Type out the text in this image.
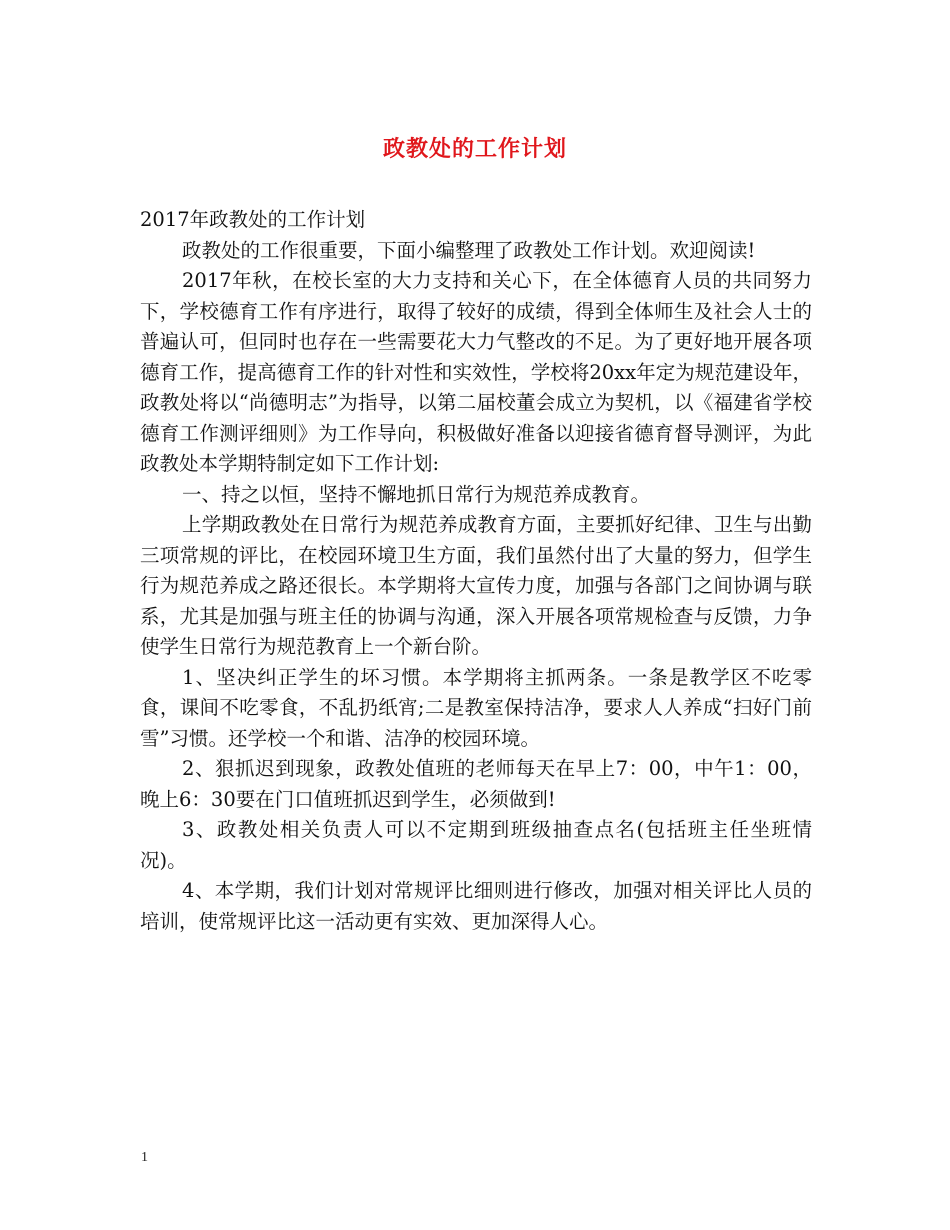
政教处的工作计划

2017年政教处的工作计划

政教处的工作很重要，下面小编整理了政教处工作计划。欢迎阅读!

2017年秋，在校长室的大力支持和关心下，在全体德育人员的共同努力下，学校德育工作有序进行，取得了较好的成绩，得到全体师生及社会人士的普遍认可，但同时也存在一些需要花大力气整改的不足。为了更好地开展各项德育工作，提高德育工作的针对性和实效性，学校将20xx年定为规范建设年，政教处将以“尚德明志”为指导，以第二届校董会成立为契机，以《福建省学校德育工作测评细则》为工作导向，积极做好准备以迎接省德育督导测评，为此政教处本学期特制定如下工作计划:

一、持之以恒，坚持不懈地抓日常行为规范养成教育。

上学期政教处在日常行为规范养成教育方面，主要抓好纪律、卫生与出勤三项常规的评比，在校园环境卫生方面，我们虽然付出了大量的努力，但学生行为规范养成之路还很长。本学期将大宣传力度，加强与各部门之间协调与联系，尤其是加强与班主任的协调与沟通，深入开展各项常规检查与反馈，力争使学生日常行为规范教育上一个新台阶。

1、坚决纠正学生的坏习惯。本学期将主抓两条。一条是教学区不吃零食，课间不吃零食，不乱扔纸宵;二是教室保持洁净，要求人人养成“扫好门前雪”习惯。还学校一个和谐、洁净的校园环境。

2、狠抓迟到现象，政教处值班的老师每天在早上7：00，中午1：00，晚上6：30要在门口值班抓迟到学生，必须做到!

3、政教处相关负责人可以不定期到班级抽查点名(包括班主任坐班情况)。

4、本学期，我们计划对常规评比细则进行修改，加强对相关评比人员的培训，使常规评比这一活动更有实效、更加深得人心。

1
